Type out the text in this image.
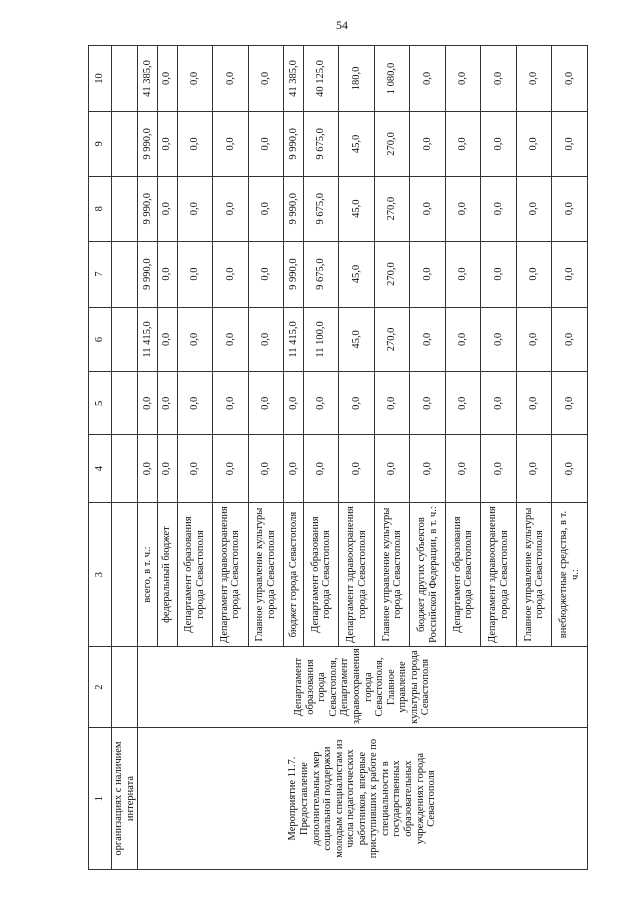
54
1	2	3	4	5	6	7	8	9	10
организациях с наличием интерната									
Мероприятие 11.7. Предоставление дополнительных мер социальной поддержки молодым специалистам из числа педагогических работников, впервые приступивших к работе по специальности в государственных образовательных учреждениях города Севастополя	Департамент образования города Севастополя, Департамент здравоохранения города Севастополя, Главное управление культуры города Севастополя	всего, в т. ч.:	0,0	0,0	11 415,0	9 990,0	9 990,0	9 990,0	41 385,0
		федеральный бюджет	0,0	0,0	0,0	0,0	0,0	0,0	0,0
		Департамент образования города Севастополя	0,0	0,0	0,0	0,0	0,0	0,0	0,0
		Департамент здравоохранения города Севастополя	0,0	0,0	0,0	0,0	0,0	0,0	0,0
		Главное управление культуры города Севастополя	0,0	0,0	0,0	0,0	0,0	0,0	0,0
		бюджет города Севастополя	0,0	0,0	11 415,0	9 990,0	9 990,0	9 990,0	41 385,0
		Департамент образования города Севастополя	0,0	0,0	11 100,0	9 675,0	9 675,0	9 675,0	40 125,0
		Департамент здравоохранения города Севастополя	0,0	0,0	45,0	45,0	45,0	45,0	180,0
		Главное управление культуры города Севастополя	0,0	0,0	270,0	270,0	270,0	270,0	1 080,0
		бюджет других субъектов Российской Федерации, в т. ч.:	0,0	0,0	0,0	0,0	0,0	0,0	0,0
		Департамент образования города Севастополя	0,0	0,0	0,0	0,0	0,0	0,0	0,0
		Департамент здравоохранения города Севастополя	0,0	0,0	0,0	0,0	0,0	0,0	0,0
		Главное управление культуры города Севастополя	0,0	0,0	0,0	0,0	0,0	0,0	0,0
		внебюджетные средства, в т. ч.:	0,0	0,0	0,0	0,0	0,0	0,0	0,0
